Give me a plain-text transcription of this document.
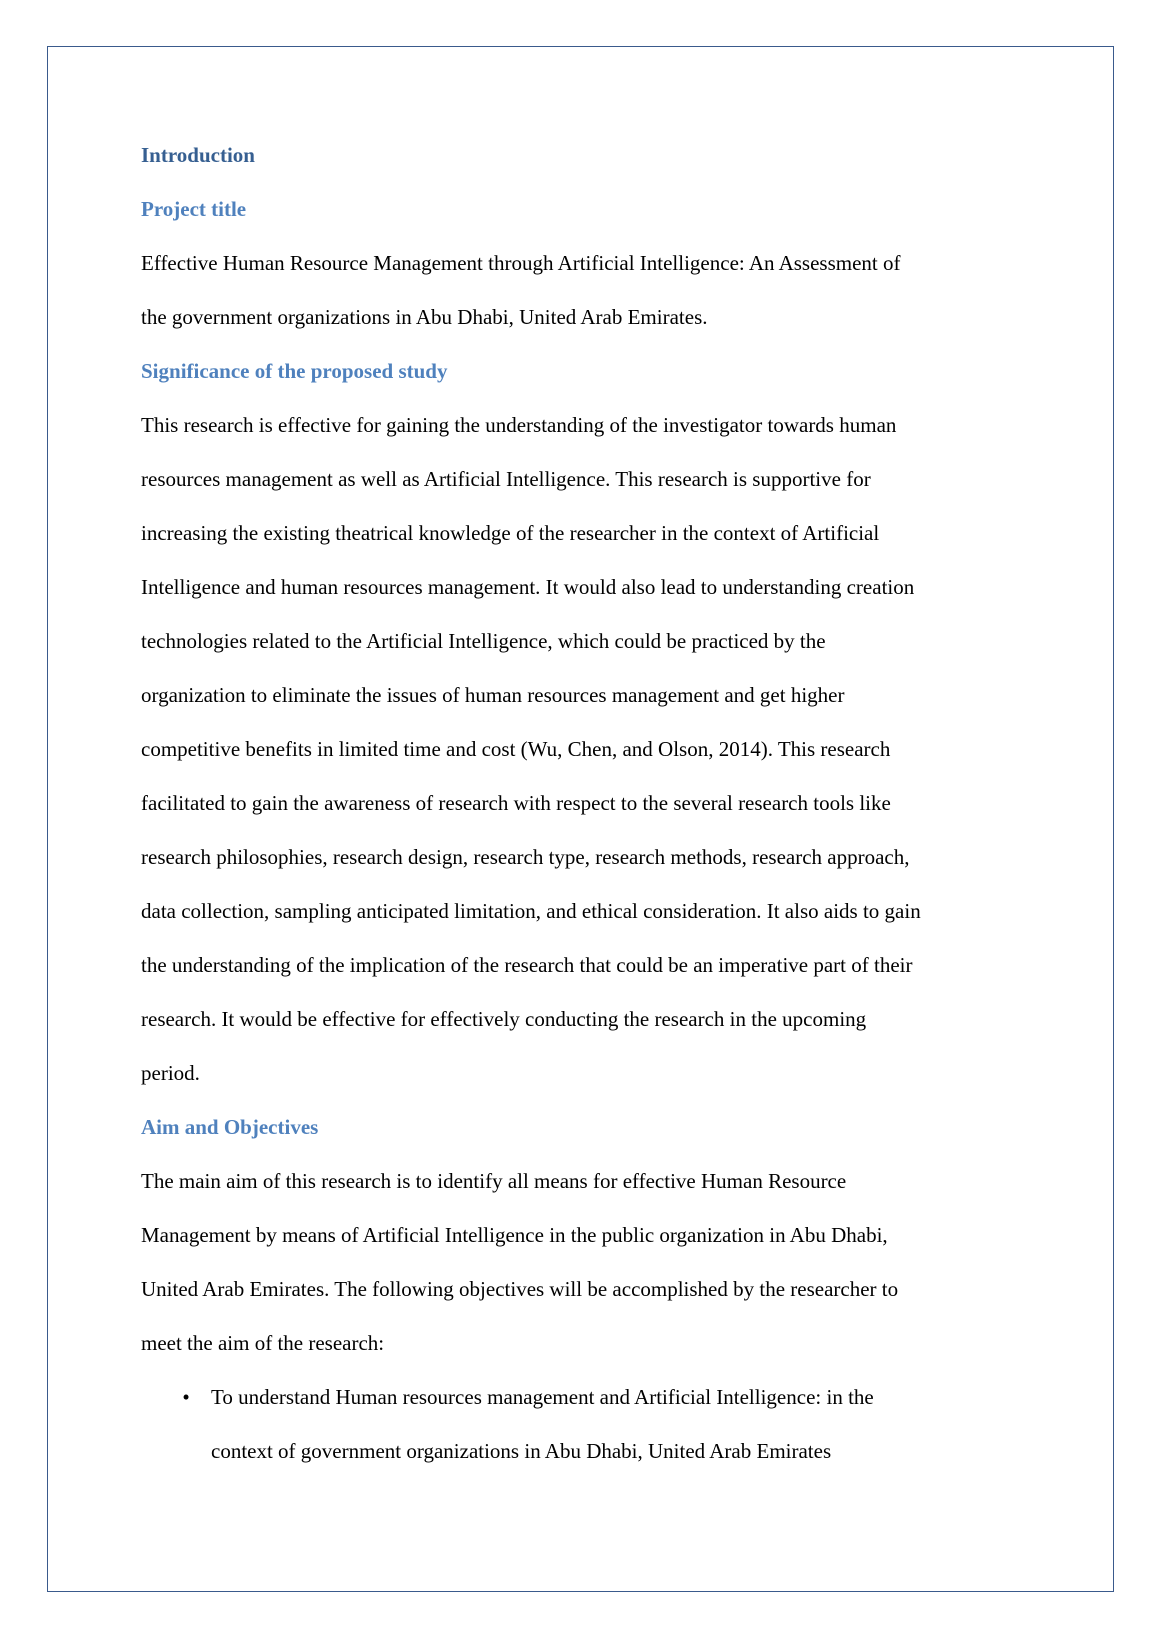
Introduction
Project title
Effective Human Resource Management through Artificial Intelligence: An Assessment of
the government organizations in Abu Dhabi, United Arab Emirates.
Significance of the proposed study
This research is effective for gaining the understanding of the investigator towards human
resources management as well as Artificial Intelligence. This research is supportive for
increasing the existing theatrical knowledge of the researcher in the context of Artificial
Intelligence and human resources management. It would also lead to understanding creation
technologies related to the Artificial Intelligence, which could be practiced by the
organization to eliminate the issues of human resources management and get higher
competitive benefits in limited time and cost (Wu, Chen, and Olson, 2014). This research
facilitated to gain the awareness of research with respect to the several research tools like
research philosophies, research design, research type, research methods, research approach,
data collection, sampling anticipated limitation, and ethical consideration. It also aids to gain
the understanding of the implication of the research that could be an imperative part of their
research. It would be effective for effectively conducting the research in the upcoming
period.
Aim and Objectives
The main aim of this research is to identify all means for effective Human Resource
Management by means of Artificial Intelligence in the public organization in Abu Dhabi,
United Arab Emirates. The following objectives will be accomplished by the researcher to
meet the aim of the research:
•	To understand Human resources management and Artificial Intelligence: in the
context of government organizations in Abu Dhabi, United Arab Emirates
